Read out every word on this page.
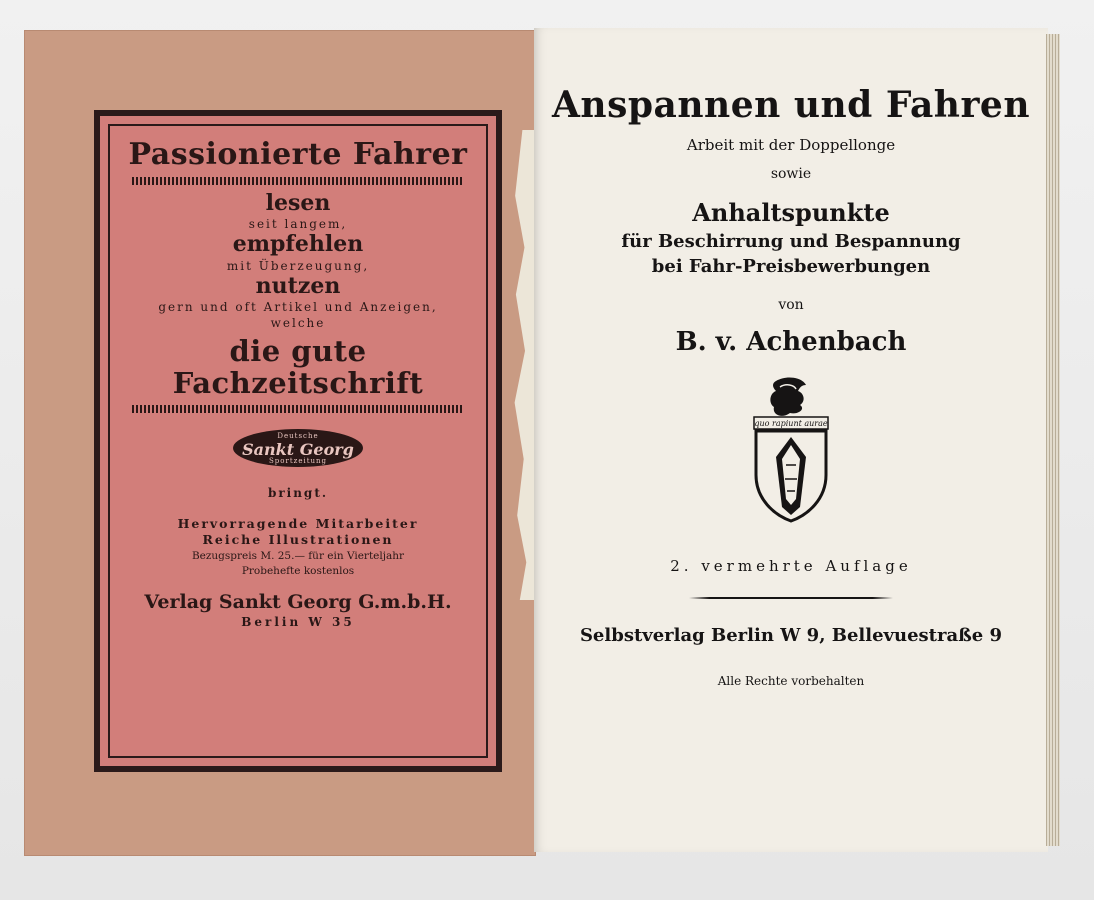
Passionierte Fahrer
lesen
seit langem,
empfehlen
mit Überzeugung,
nutzen
gern und oft Artikel und Anzeigen,
welche
die gute Fachzeitschrift
Deutsche
Sankt Georg
Sportzeitung
bringt.
Hervorragende Mitarbeiter
Reiche Illustrationen
Bezugspreis M. 25.— für ein Vierteljahr
Probehefte kostenlos
Verlag Sankt Georg G.m.b.H.
Berlin W 35
Anspannen und Fahren
Arbeit mit der Doppellonge
sowie
Anhaltspunkte
für Beschirrung und Bespannung
bei Fahr-Preisbewerbungen
von
B. v. Achenbach
quo rapiunt aurae
2. vermehrte Auflage
Selbstverlag Berlin W 9, Bellevuestraße 9
Alle Rechte vorbehalten
